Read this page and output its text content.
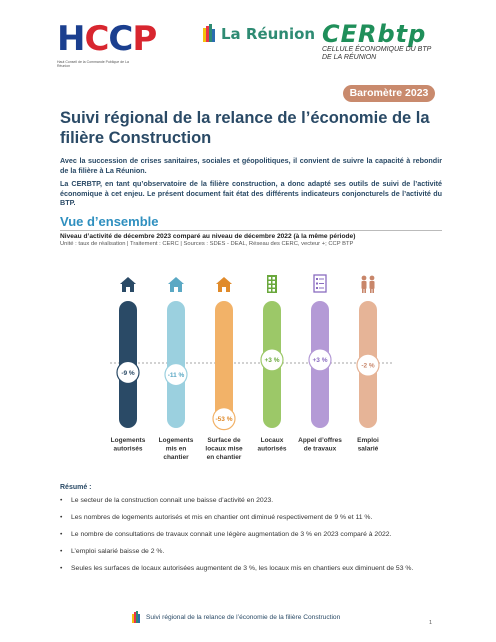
HCCP
Haut Conseil de la Commande Publique de La Réunion
La Réunion CERbtp
CELLULE ÉCONOMIQUE DU BTP
DE LA RÉUNION
Baromètre 2023
Suivi régional de la relance de l’économie de la filière Construction

Avec la succession de crises sanitaires, sociales et géopolitiques, il convient de suivre la capacité à rebondir de la filière à La Réunion.

La CERBTP, en tant qu’observatoire de la filière construction, a donc adapté ses outils de suivi de l’activité économique à cet enjeu. Le présent document fait état des différents indicateurs conjoncturels de l’activité du BTP.

Vue d’ensemble
Niveau d’activité de décembre 2023 comparé au niveau de décembre 2022 (à la même période)
Unité : taux de réalisation | Traitement : CERC | Sources : SDES - DEAL, Réseau des CERC, vecteur +; CCP BTP
-9 %
Logements
autorisés
-11 %
Logements
mis en
chantier
-53 %
Surface de
locaux mise
en chantier
+3 %
Locaux
autorisés
+3 %
Appel d’offres
de travaux
-2 %
Emploi
salarié
Résumé :
• Le secteur de la construction connait une baisse d’activité en 2023.
• Les nombres de logements autorisés et mis en chantier ont diminué respectivement de 9 % et 11 %.
• Le nombre de consultations de travaux connait une légère augmentation de 3 % en 2023 comparé à 2022.
• L’emploi salarié baisse de 2 %.
• Seules les surfaces de locaux autorisées augmentent de 3 %, les locaux mis en chantiers eux diminuent de 53 %.
Suivi régional de la relance de l’économie de la filière Construction
1
